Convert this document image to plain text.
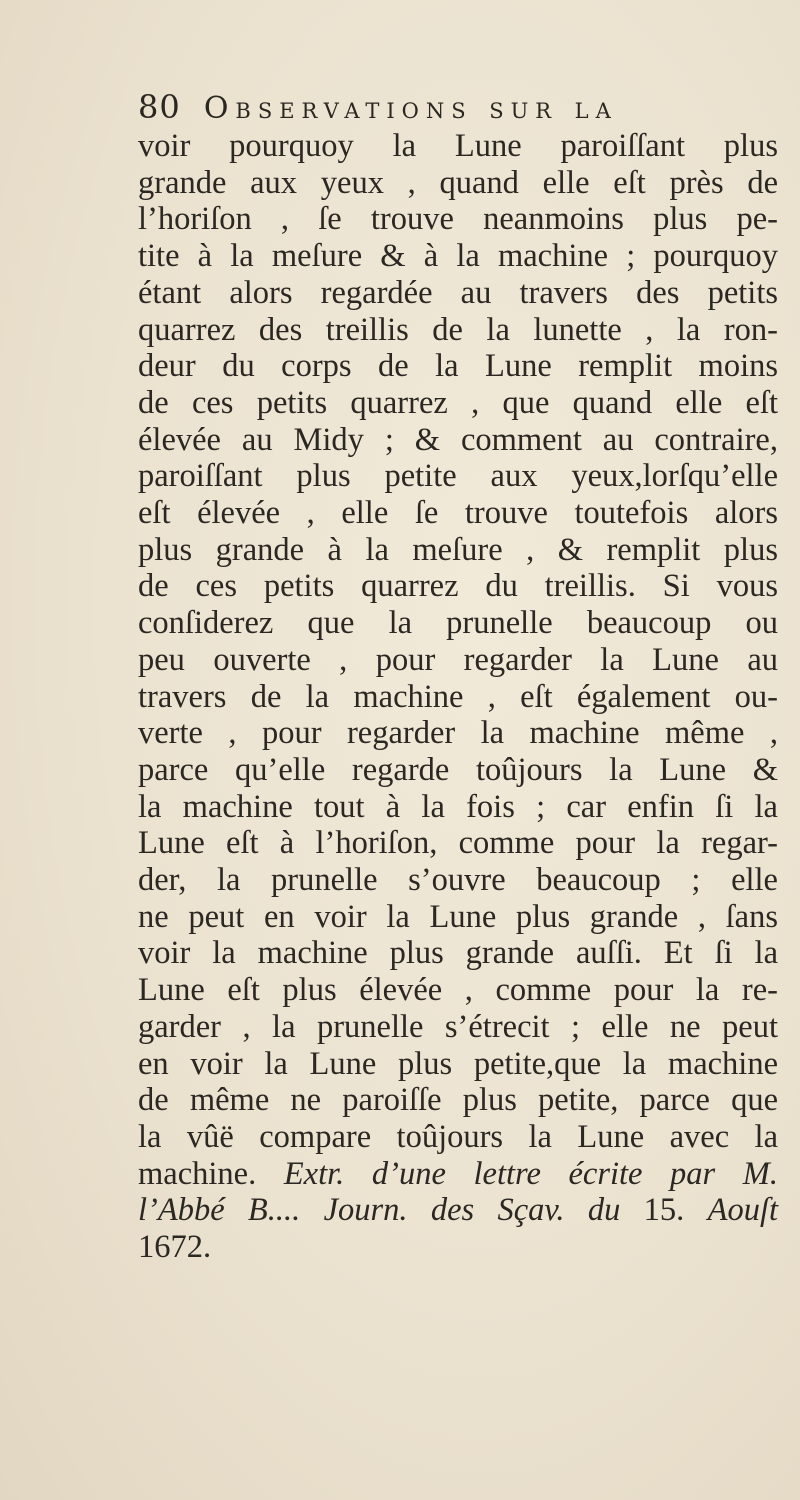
80 Observations sur la
voir pourquoy la Lune paroiſſant plus
grande aux yeux , quand elle eſt près de
l’horiſon , ſe trouve neanmoins plus pe-
tite à la meſure & à la machine ; pourquoy
étant alors regardée au travers des petits
quarrez des treillis de la lunette , la ron-
deur du corps de la Lune remplit moins
de ces petits quarrez , que quand elle eſt
élevée au Midy ; & comment au contraire,
paroiſſant plus petite aux yeux,lorſqu’elle
eſt élevée , elle ſe trouve toutefois alors
plus grande à la meſure , & remplit plus
de ces petits quarrez du treillis. Si vous
conſiderez que la prunelle beaucoup ou
peu ouverte , pour regarder la Lune au
travers de la machine , eſt également ou-
verte , pour regarder la machine même ,
parce qu’elle regarde toûjours la Lune &
la machine tout à la fois ; car enfin ſi la
Lune eſt à l’horiſon, comme pour la regar-
der, la prunelle s’ouvre beaucoup ; elle
ne peut en voir la Lune plus grande , ſans
voir la machine plus grande auſſi. Et ſi la
Lune eſt plus élevée , comme pour la re-
garder , la prunelle s’étrecit ; elle ne peut
en voir la Lune plus petite,que la machine
de même ne paroiſſe plus petite, parce que
la vûë compare toûjours la Lune avec la
machine. Extr. d’une lettre écrite par M.
l’Abbé B.... Journ. des Sçav. du 15. Aouſt
1672.
